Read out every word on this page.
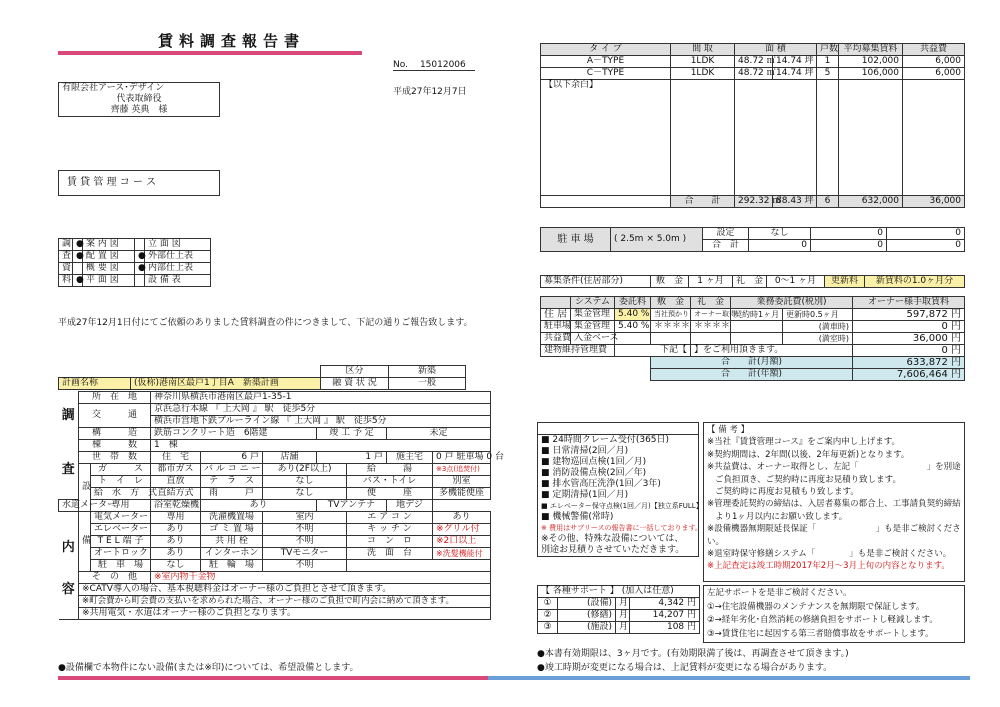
賃料調査報告書
No. 15012006
有限会社アース･デザイン
代表取締役
齊藤 英典　様
平成27年12月7日
賃 貸 管 理 コ ー ス
調	●	案 内 図		立 面 図
査	●	配 置 図	●	外部仕上表
資		概 要 図	●	内部仕上表
料	●	平 面 図		設 備 表
平成27年12月1日付にてご依頼のありました賃料調査の件につきまして、下記の通りご報告致します。
タ イ プ	間 取	面 積		戸数	平均募集賃料	共益費
A－TYPE	1LDK	48.72 ㎡	14.74 坪	1	102,000	6,000
C－TYPE	1LDK	48.72 ㎡	14.74 坪	5	106,000	6,000
【以下余白】						

	合　　計	292.32 ㎡	88.43 坪	6	632,000	36,000
駐 車 場	( 2.5m × 5.0m )	設定	なし	0	0
		合　計	0	0	0
募集条件(住居部分)	敷　金	1 ヶ月	礼　金	0～1 ヶ月	更新料	新賃料の1.0ヶ月分
	システム	委託料	敷　金	礼　金	業務委託費(税別)		オーナー様手取賃料
住 居	集金管理	5.40 %	当社預かり	オーナー取得	契約時1ヶ月	更新時0.5ヶ月	597,872 円
駐車場	集金管理	5.40 %	＊＊＊＊	＊＊＊＊		(満車時)	0 円
共益費	入金ベース					(満室時)	36,000 円
建物維持管理費		下記【		】をご利用頂きます。			0 円
			合　　計(月額)				633,872 円
			合　　計(年額)				7,606,464 円
		区分	新築
計画名称	(仮称)港南区最戸1丁目A　新築計画	融 資 状 況	一般
調	所　在　地		神奈川県横浜市港南区最戸1-35-1						
	交　　　通		京浜急行本線 『 上大岡 』 駅　徒歩5分						
			横浜市営地下鉄ブルーライン線 『 上大岡 』 駅　徒歩5分						
	構　　　造		鉄筋コンクリート造　6階建			竣 工 予 定		未定	
査	棟　　　数		1　棟						
	世　帯　数		住　宅	6 戸	店舗	1 戸		施主宅	0 戸 駐車場 0 台
	設	ガ　　　ス	都市ガス	バ ル コ ニ ー	あり(2F以上)		給　　　湯		※3点(追焚付)
		ト　イ　レ	直放	テ　ラ　ス	なし		バス・トイレ		別室
		給　水　方　式	直結方式	雨　　　戸	なし		便　　　座		多機能便座
水道メーター		専用	浴室乾燥機	あり		TVアンテナ		地デジ	
内	備	電気メーター	専用	洗濯機置場	室内		エ ア コ ン		あり
		エレベーター	あり	ゴ ミ 置 場	不明		キ ッ チ ン		※グリル付
		T E L 端 子	あり	共 用 栓	不明		コ　ン　ロ		※2口以上
		オートロック	あり	インターホン	TVモニター		洗　面　台		※洗髪機能付
		駐　車　場	なし	駐　輪　場	不明				
	そ　の　他		※室内物干金物						
容	※CATV導入の場合、基本視聴料金はオーナー様のご負担とさせて頂きます。								
	※町会費から町会費の支払いを求められた場合、オーナー様のご負担で町内会に納めて頂きます。								
	※共用電気・水道はオーナー様のご負担となります。								
●設備欄で本物件にない設備(または※印)については、希望設備とします。

■ 24時間クレーム受付(365日)
■ 日常清掃(2回／月)
■ 建物巡回点検(1回／月)
■ 消防設備点検(2回／年)
■ 排水管高圧洗浄(1回／3年)
■ 定期清掃(1回／月)
■ エレベーター保守点検(1回／月)【独立系FULL】
■ 機械警備(常時)
※ 費用はサブリースの報告書に一括しております。
※その他、特殊な設備については、
別途お見積りさせていただきます。
【 各種サポート 】 (加入は任意)			
①	(設備)	月	4,342 円
②	(修繕)	月	14,207 円
③	(施設)	月	108 円
【 備 考 】
※当社『賃貸管理コース』をご案内申し上げます。
※契約期間は、2年間(以後、2年毎更新)となります。
※共益費は、オーナー取得とし、左記「　　　　　　　　」を別途
ご負担頂き、ご契約時に再度お見積り致します。
ご契約時に再度お見積もり致します。
※管理委託契約の締結は、入居者募集の都合上、工事請負契約締結
より1ヶ月以内にお願い致します。
※設備機器無期限延長保証「　　　　　　　」も是非ご検討ください。
※退室時保守修繕システム「　　　　」も是非ご検討ください。
※上記査定は竣工時期2017年2月～3月上旬の内容となります。
左記サポートを是非ご検討ください。
①→住宅設備機器のメンテナンスを無期限で保証します。
②→経年劣化･自然消耗の修繕負担をサポートし軽減します。
③→賃貸住宅に起因する第三者賠償事故をサポートします。
●本書有効期限は、3ヶ月です。(有効期限満了後は、再調査させて頂きます。)
●竣工時期が変更になる場合は、上記賃料が変更になる場合があります。
